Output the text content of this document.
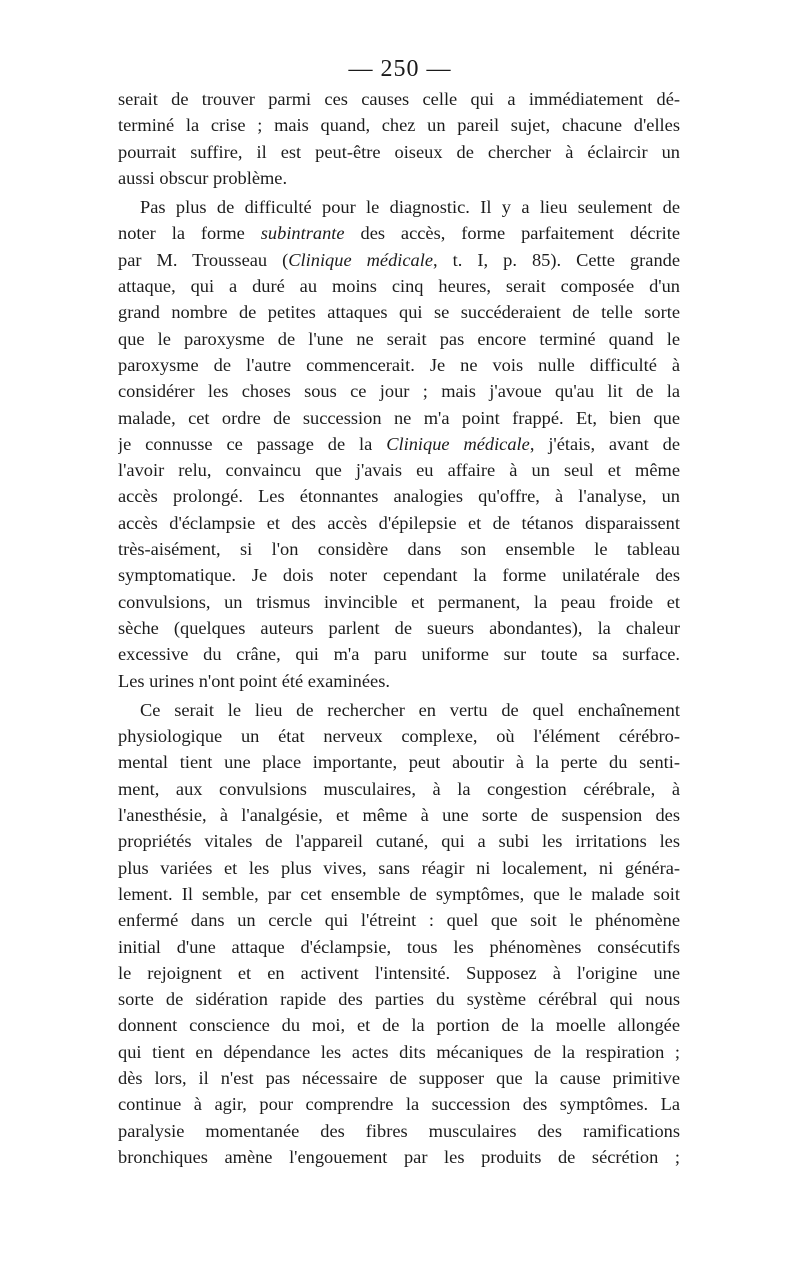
— 250 —
serait de trouver parmi ces causes celle qui a immédiatement dé-
terminé la crise ; mais quand, chez un pareil sujet, chacune d'elles
pourrait suffire, il est peut-être oiseux de chercher à éclaircir un
aussi obscur problème.
Pas plus de difficulté pour le diagnostic. Il y a lieu seulement de
noter la forme subintrante des accès, forme parfaitement décrite
par M. Trousseau (Clinique médicale, t. I, p. 85). Cette grande
attaque, qui a duré au moins cinq heures, serait composée d'un
grand nombre de petites attaques qui se succéderaient de telle sorte
que le paroxysme de l'une ne serait pas encore terminé quand le
paroxysme de l'autre commencerait. Je ne vois nulle difficulté à
considérer les choses sous ce jour ; mais j'avoue qu'au lit de la
malade, cet ordre de succession ne m'a point frappé. Et, bien que
je connusse ce passage de la Clinique médicale, j'étais, avant de
l'avoir relu, convaincu que j'avais eu affaire à un seul et même
accès prolongé. Les étonnantes analogies qu'offre, à l'analyse, un
accès d'éclampsie et des accès d'épilepsie et de tétanos disparaissent
très-aisément, si l'on considère dans son ensemble le tableau
symptomatique. Je dois noter cependant la forme unilatérale des
convulsions, un trismus invincible et permanent, la peau froide et
sèche (quelques auteurs parlent de sueurs abondantes), la chaleur
excessive du crâne, qui m'a paru uniforme sur toute sa surface.
Les urines n'ont point été examinées.
Ce serait le lieu de rechercher en vertu de quel enchaînement
physiologique un état nerveux complexe, où l'élément cérébro-
mental tient une place importante, peut aboutir à la perte du senti-
ment, aux convulsions musculaires, à la congestion cérébrale, à
l'anesthésie, à l'analgésie, et même à une sorte de suspension des
propriétés vitales de l'appareil cutané, qui a subi les irritations les
plus variées et les plus vives, sans réagir ni localement, ni généra-
lement. Il semble, par cet ensemble de symptômes, que le malade soit
enfermé dans un cercle qui l'étreint : quel que soit le phénomène
initial d'une attaque d'éclampsie, tous les phénomènes consécutifs
le rejoignent et en activent l'intensité. Supposez à l'origine une
sorte de sidération rapide des parties du système cérébral qui nous
donnent conscience du moi, et de la portion de la moelle allongée
qui tient en dépendance les actes dits mécaniques de la respiration ;
dès lors, il n'est pas nécessaire de supposer que la cause primitive
continue à agir, pour comprendre la succession des symptômes. La
paralysie momentanée des fibres musculaires des ramifications
bronchiques amène l'engouement par les produits de sécrétion ;
